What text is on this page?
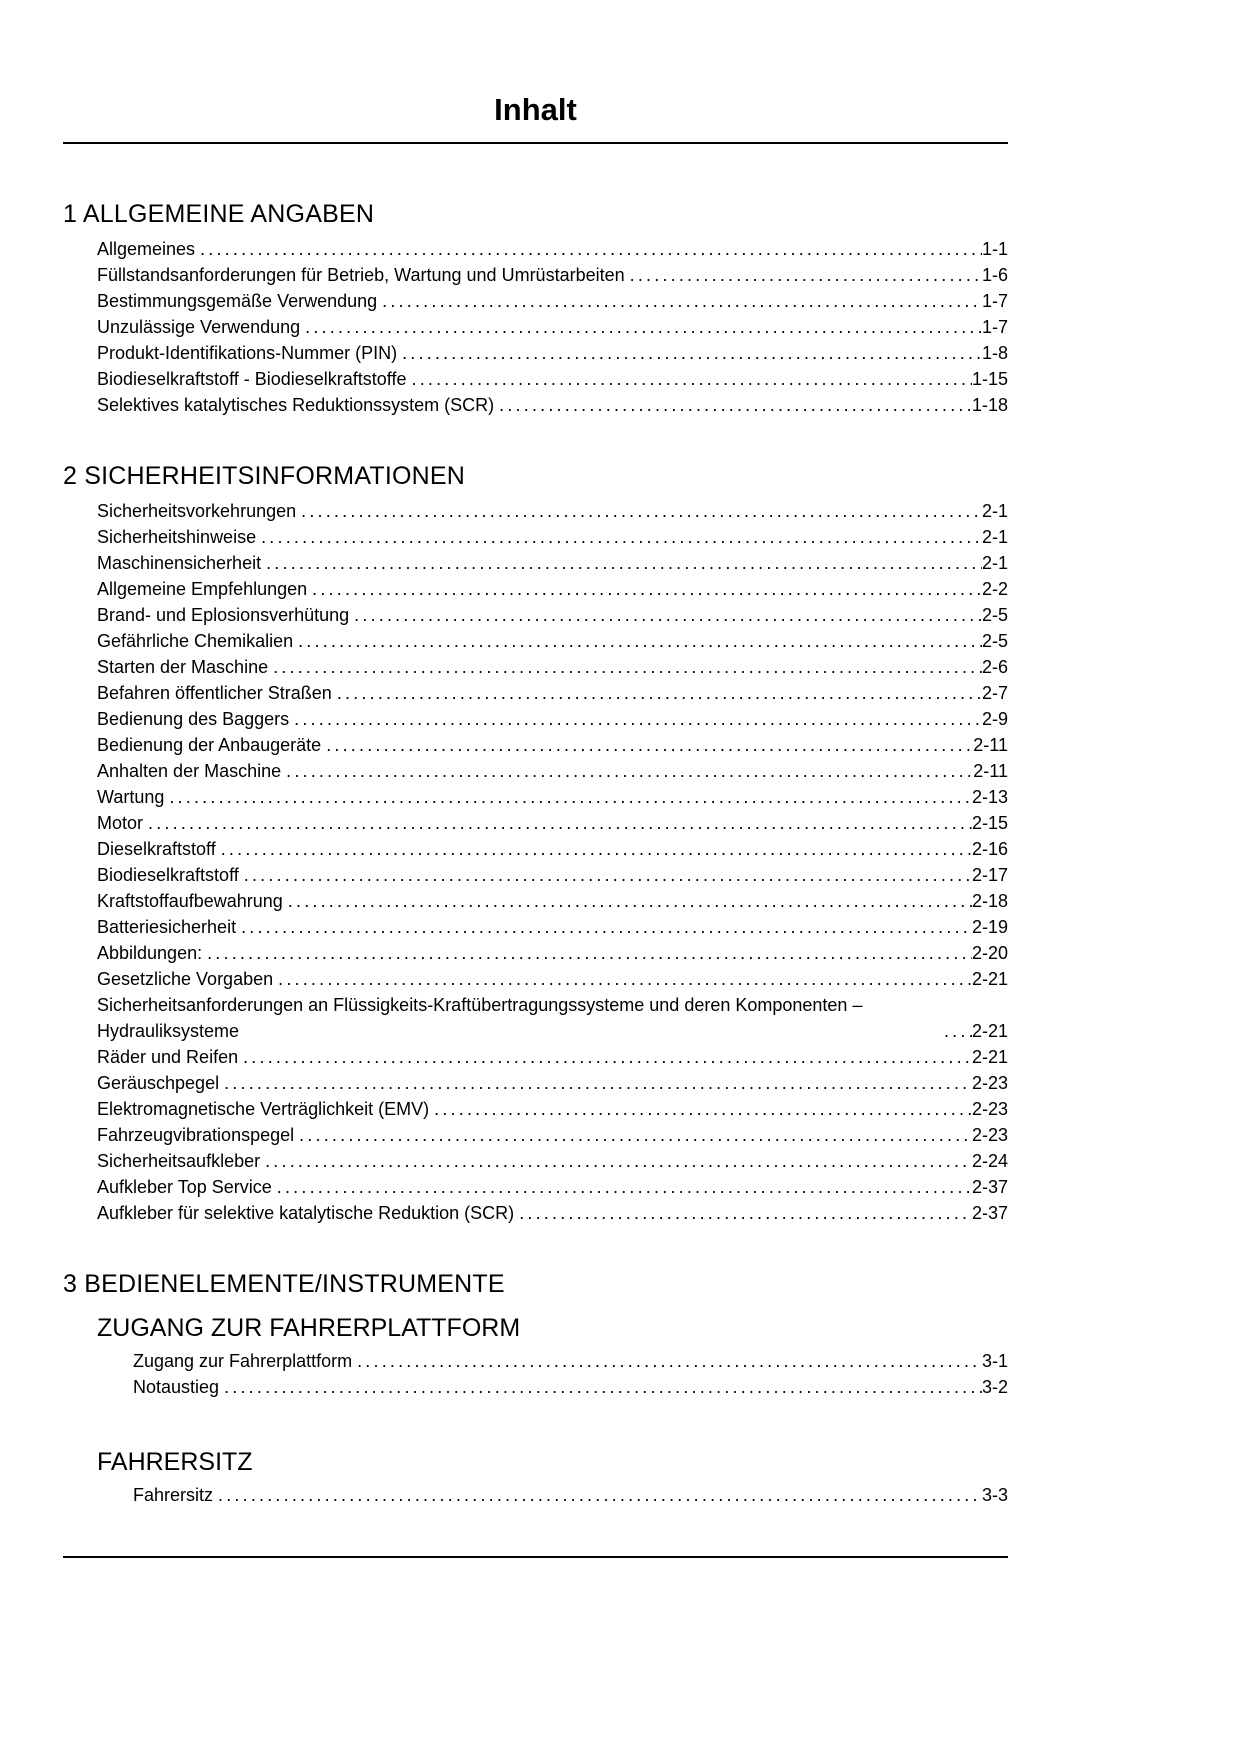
Inhalt
1 ALLGEMEINE ANGABEN
Allgemeines .....	1-1
Füllstandsanforderungen für Betrieb, Wartung und Umrüstarbeiten .....	1-6
Bestimmungsgemäße Verwendung .....	1-7
Unzulässige Verwendung .....	1-7
Produkt-Identifikations-Nummer (PIN) .....	1-8
Biodieselkraftstoff - Biodieselkraftstoffe .....	1-15
Selektives katalytisches Reduktionssystem (SCR) .....	1-18
2 SICHERHEITSINFORMATIONEN
Sicherheitsvorkehrungen .....	2-1
Sicherheitshinweise .....	2-1
Maschinensicherheit .....	2-1
Allgemeine Empfehlungen .....	2-2
Brand- und Eplosionsverhütung .....	2-5
Gefährliche Chemikalien .....	2-5
Starten der Maschine .....	2-6
Befahren öffentlicher Straßen .....	2-7
Bedienung des Baggers .....	2-9
Bedienung der Anbaugeräte .....	2-11
Anhalten der Maschine .....	2-11
Wartung .....	2-13
Motor .....	2-15
Dieselkraftstoff .....	2-16
Biodieselkraftstoff .....	2-17
Kraftstoffaufbewahrung .....	2-18
Batteriesicherheit .....	2-19
Abbildungen: .....	2-20
Gesetzliche Vorgaben .....	2-21
Sicherheitsanforderungen an Flüssigkeits-Kraftübertragungssysteme und deren Komponenten – Hydrauliksysteme .....	2-21
Räder und Reifen .....	2-21
Geräuschpegel .....	2-23
Elektromagnetische Verträglichkeit (EMV) .....	2-23
Fahrzeugvibrationspegel .....	2-23
Sicherheitsaufkleber .....	2-24
Aufkleber Top Service .....	2-37
Aufkleber für selektive katalytische Reduktion (SCR) .....	2-37
3 BEDIENELEMENTE/INSTRUMENTE
ZUGANG ZUR FAHRERPLATTFORM
Zugang zur Fahrerplattform .....	3-1
Notaustieg .....	3-2
FAHRERSITZ
Fahrersitz .....	3-3
